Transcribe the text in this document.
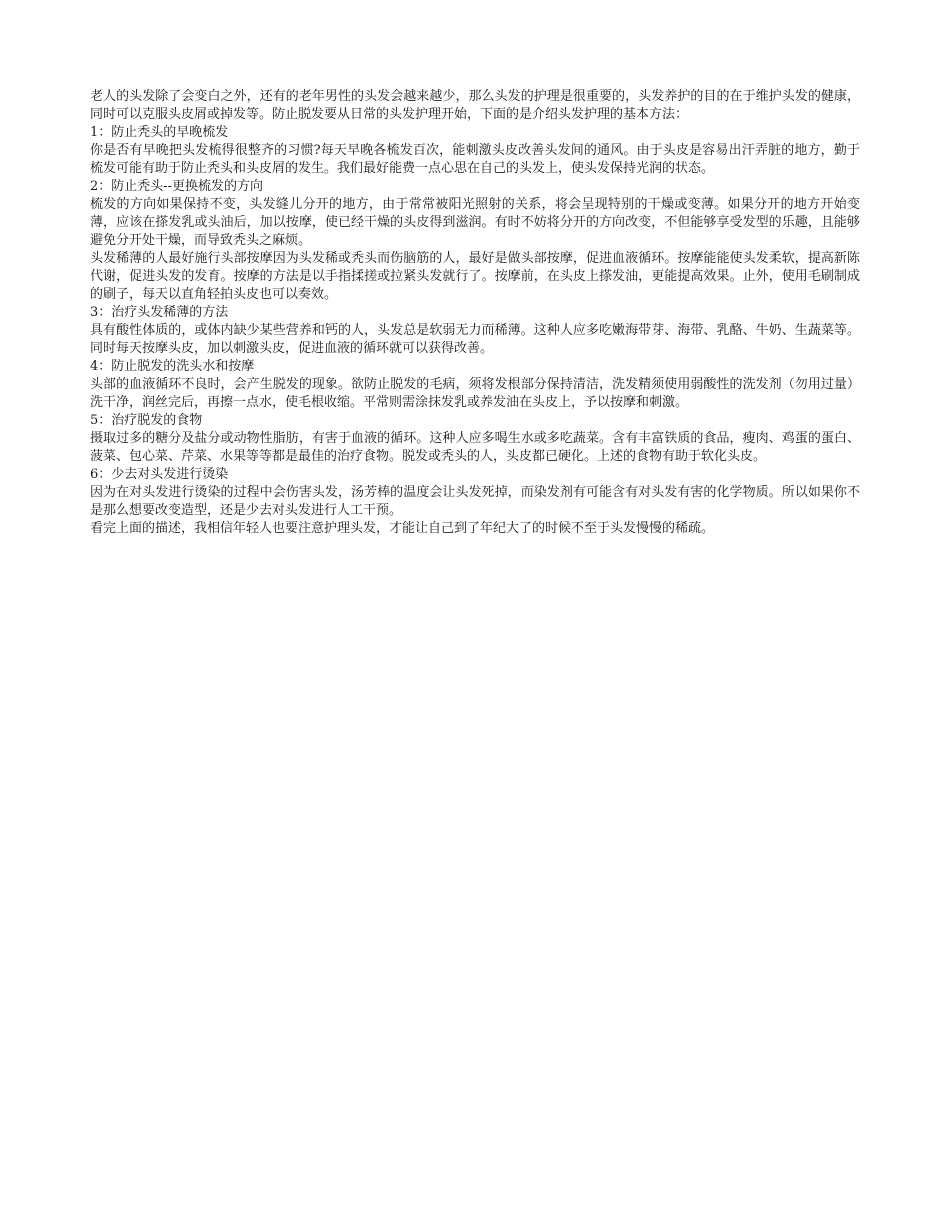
老人的头发除了会变白之外，还有的老年男性的头发会越来越少，那么头发的护理是很重要的，头发养护的目的在于维护头发的健康，同时可以克服头皮屑或掉发等。防止脱发要从日常的头发护理开始，下面的是介绍头发护理的基本方法：

1：防止秃头的早晚梳发

你是否有早晚把头发梳得很整齐的习惯?每天早晚各梳发百次，能刺激头皮改善头发间的通风。由于头皮是容易出汗弄脏的地方，勤于梳发可能有助于防止秃头和头皮屑的发生。我们最好能费一点心思在自己的头发上，使头发保持光润的状态。

2：防止秃头--更换梳发的方向

梳发的方向如果保持不变，头发缝儿分开的地方，由于常常被阳光照射的关系，将会呈现特别的干燥或变薄。如果分开的地方开始变薄，应该在搽发乳或头油后，加以按摩，使已经干燥的头皮得到滋润。有时不妨将分开的方向改变，不但能够享受发型的乐趣，且能够避免分开处干燥，而导致秃头之麻烦。

头发稀薄的人最好施行头部按摩因为头发稀或秃头而伤脑筋的人，最好是做头部按摩，促进血液循环。按摩能能使头发柔软，提高新陈代谢，促进头发的发育。按摩的方法是以手指揉搓或拉紧头发就行了。按摩前，在头皮上搽发油，更能提高效果。止外，使用毛刷制成的刷子，每天以直角轻拍头皮也可以奏效。

3：治疗头发稀薄的方法

具有酸性体质的，或体内缺少某些营养和钙的人，头发总是软弱无力而稀薄。这种人应多吃嫩海带芽、海带、乳酪、牛奶、生蔬菜等。同时每天按摩头皮，加以刺激头皮，促进血液的循环就可以获得改善。

4：防止脱发的洗头水和按摩

头部的血液循环不良时，会产生脱发的现象。欲防止脱发的毛病，须将发根部分保持清洁，洗发精须使用弱酸性的洗发剂（勿用过量）洗干净，润丝完后，再擦一点水，使毛根收缩。平常则需涂抹发乳或养发油在头皮上，予以按摩和刺激。

5：治疗脱发的食物

摄取过多的糖分及盐分或动物性脂肪，有害于血液的循环。这种人应多喝生水或多吃蔬菜。含有丰富铁质的食品，瘦肉、鸡蛋的蛋白、菠菜、包心菜、芹菜、水果等等都是最佳的治疗食物。脱发或秃头的人，头皮都已硬化。上述的食物有助于软化头皮。

6：少去对头发进行烫染

因为在对头发进行烫染的过程中会伤害头发，汤芳棒的温度会让头发死掉，而染发剂有可能含有对头发有害的化学物质。所以如果你不是那么想要改变造型，还是少去对头发进行人工干预。

看完上面的描述，我相信年轻人也要注意护理头发，才能让自己到了年纪大了的时候不至于头发慢慢的稀疏。
